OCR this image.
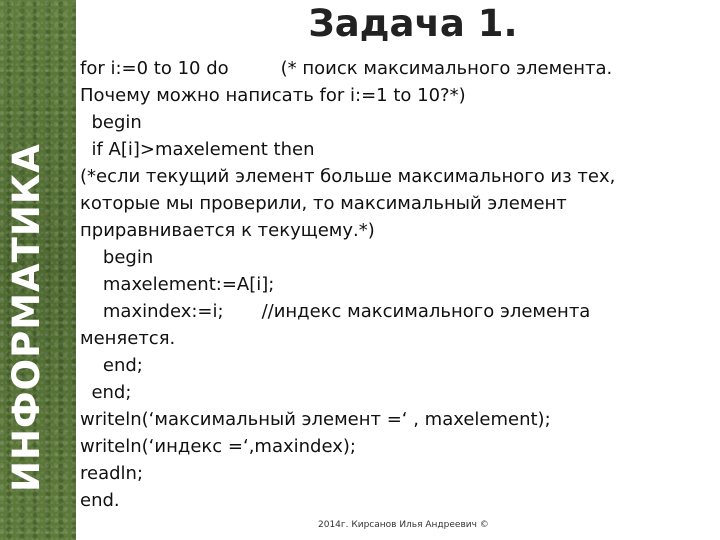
ИНФОРМАТИКА
Задача 1.
for i:=0 to 10 do	(* поиск максимального элемента.
Почему можно написать for i:=1 to 10?*)
begin
if A[i]>maxelement then
(*если текущий элемент больше максимального из тех,
которые мы проверили, то максимальный элемент
приравнивается к текущему.*)
begin
maxelement:=A[i];
maxindex:=i; //индекс максимального элемента
меняется.
end;
end;
writeln(‘максимальный элемент =‘ , maxelement);
writeln(‘индекс =‘,maxindex);
readln;
end.
2014г. Кирсанов Илья Андреевич ©
